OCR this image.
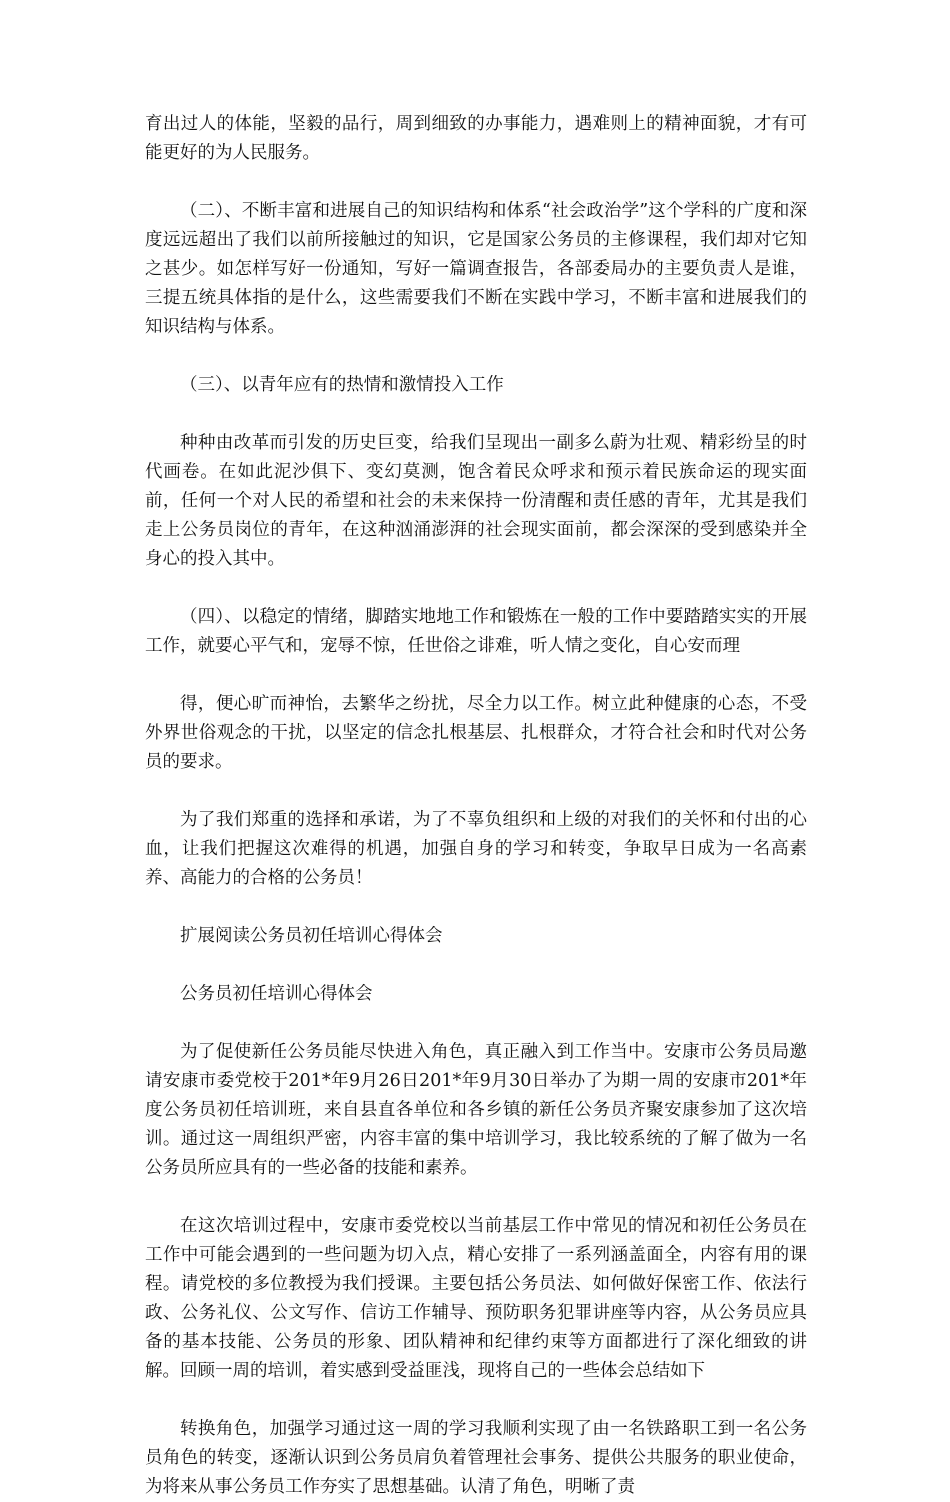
育出过人的体能，坚毅的品行，周到细致的办事能力，遇难则上的精神面貌，才有可能更好的为人民服务。

（二）、不断丰富和进展自己的知识结构和体系“社会政治学”这个学科的广度和深度远远超出了我们以前所接触过的知识，它是国家公务员的主修课程，我们却对它知之甚少。如怎样写好一份通知，写好一篇调查报告，各部委局办的主要负责人是谁，三提五统具体指的是什么，这些需要我们不断在实践中学习，不断丰富和进展我们的知识结构与体系。

（三）、以青年应有的热情和激情投入工作

种种由改革而引发的历史巨变，给我们呈现出一副多么蔚为壮观、精彩纷呈的时代画卷。在如此泥沙俱下、变幻莫测，饱含着民众呼求和预示着民族命运的现实面前，任何一个对人民的希望和社会的未来保持一份清醒和责任感的青年，尤其是我们走上公务员岗位的青年，在这种汹涌澎湃的社会现实面前，都会深深的受到感染并全身心的投入其中。

（四）、以稳定的情绪，脚踏实地地工作和锻炼在一般的工作中要踏踏实实的开展工作，就要心平气和，宠辱不惊，任世俗之诽难，听人情之变化，自心安而理

得，便心旷而神怡，去繁华之纷扰，尽全力以工作。树立此种健康的心态，不受外界世俗观念的干扰，以坚定的信念扎根基层、扎根群众，才符合社会和时代对公务员的要求。

为了我们郑重的选择和承诺，为了不辜负组织和上级的对我们的关怀和付出的心血，让我们把握这次难得的机遇，加强自身的学习和转变，争取早日成为一名高素养、高能力的合格的公务员！

扩展阅读公务员初任培训心得体会

公务员初任培训心得体会

为了促使新任公务员能尽快进入角色，真正融入到工作当中。安康市公务员局邀请安康市委党校于201*年9月26日201*年9月30日举办了为期一周的安康市201*年度公务员初任培训班，来自县直各单位和各乡镇的新任公务员齐聚安康参加了这次培训。通过这一周组织严密，内容丰富的集中培训学习，我比较系统的了解了做为一名公务员所应具有的一些必备的技能和素养。

在这次培训过程中，安康市委党校以当前基层工作中常见的情况和初任公务员在工作中可能会遇到的一些问题为切入点，精心安排了一系列涵盖面全，内容有用的课程。请党校的多位教授为我们授课。主要包括公务员法、如何做好保密工作、依法行政、公务礼仪、公文写作、信访工作辅导、预防职务犯罪讲座等内容，从公务员应具备的基本技能、公务员的形象、团队精神和纪律约束等方面都进行了深化细致的讲解。回顾一周的培训，着实感到受益匪浅，现将自己的一些体会总结如下

转换角色，加强学习通过这一周的学习我顺利实现了由一名铁路职工到一名公务员角色的转变，逐渐认识到公务员肩负着管理社会事务、提供公共服务的职业使命，为将来从事公务员工作夯实了思想基础。认清了角色，明晰了责
